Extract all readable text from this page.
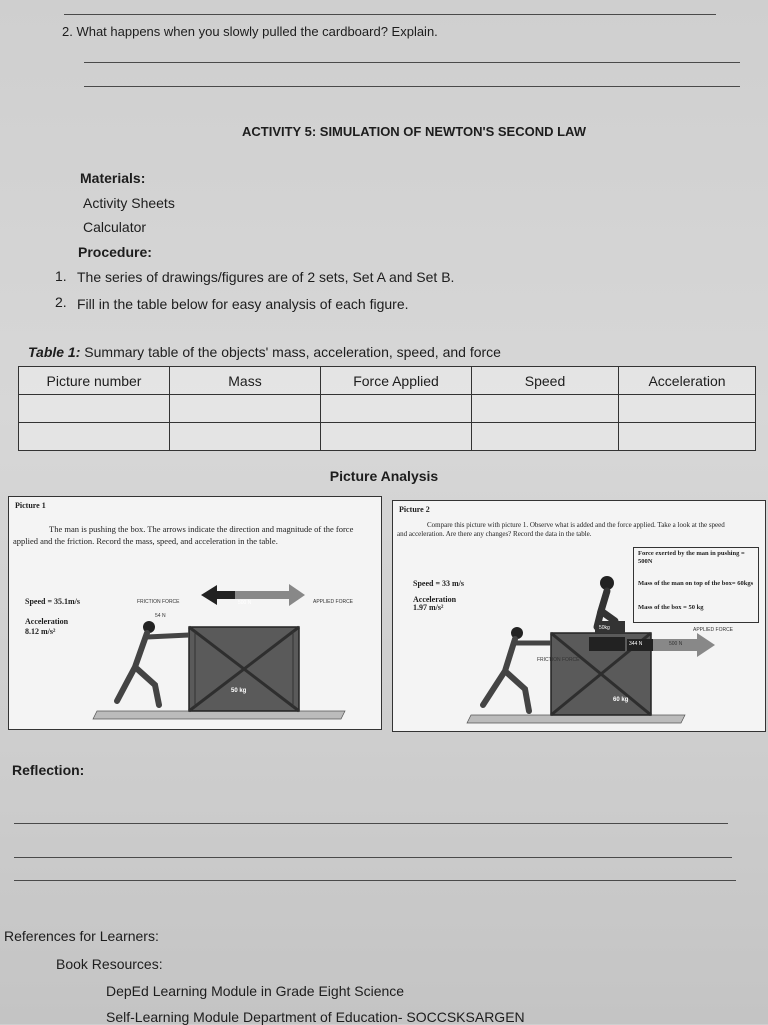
2. What happens when you slowly pulled the cardboard? Explain.
ACTIVITY 5: SIMULATION OF NEWTON'S SECOND LAW
Materials:
Activity Sheets
Calculator
Procedure:
1. The series of drawings/figures are of 2 sets, Set A and Set B.
2. Fill in the table below for easy analysis of each figure.
Table 1: Summary table of the objects' mass, acceleration, speed, and force
Picture number	Mass	Force Applied	Speed	Acceleration

Picture Analysis
Picture 1
The man is pushing the box. The arrows indicate the direction and magnitude of the force applied and the friction. Record the mass, speed, and acceleration in the table.
Speed = 35.1m/s
Acceleration
8.12 m/s²
FRICTION FORCE	APPLIED FORCE
54 N
500 N
50 kg
Picture 2
Compare this picture with picture 1. Observe what is added and the force applied. Take a look at the speed and acceleration. Are there any changes? Record the data in the table.
Force exerted by the man in pushing = 500N
Mass of the man on top of the box= 60kgs
Mass of the box = 50 kg
Speed = 33 m/s
Acceleration
1.97 m/s²
APPLIED FORCE
FRICTION FORCE
344 N	500 N
50kg
60 kg
Reflection:
References for Learners:
Book Resources:
DepEd Learning Module in Grade Eight Science
Self-Learning Module Department of Education- SOCCSKSARGEN
